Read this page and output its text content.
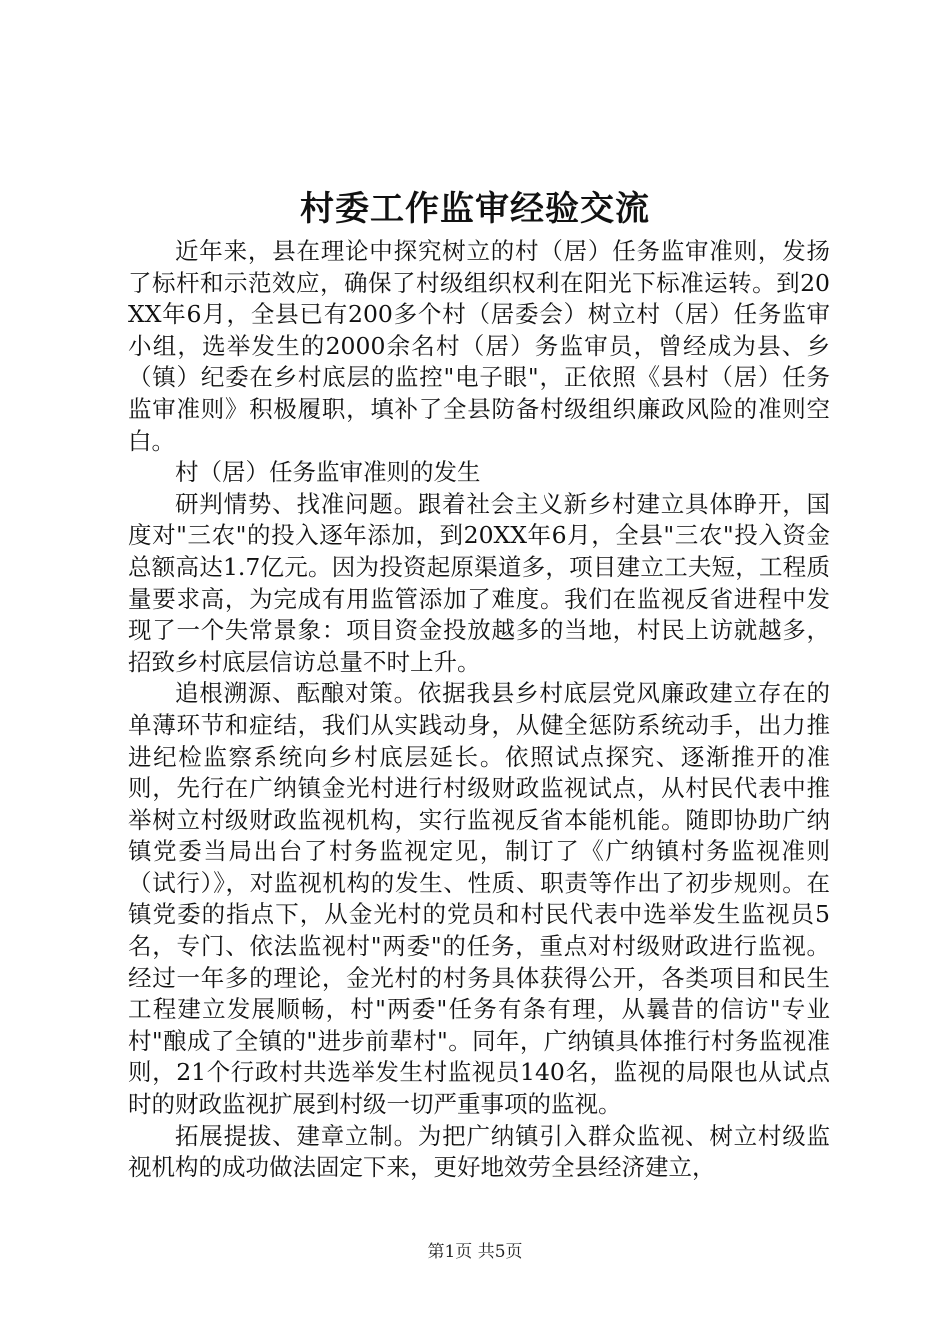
村委工作监审经验交流

近年来，县在理论中探究树立的村（居）任务监审准则，发扬了标杆和示范效应，确保了村级组织权利在阳光下标准运转。到20XX年6月，全县已有200多个村（居委会）树立村（居）任务监审小组，选举发生的2000余名村（居）务监审员，曾经成为县、乡（镇）纪委在乡村底层的监控"电子眼"，正依照《县村（居）任务监审准则》积极履职，填补了全县防备村级组织廉政风险的准则空白。

村（居）任务监审准则的发生

研判情势、找准问题。跟着社会主义新乡村建立具体睁开，国度对"三农"的投入逐年添加，到20XX年6月，全县"三农"投入资金总额高达1.7亿元。因为投资起原渠道多，项目建立工夫短，工程质量要求高，为完成有用监管添加了难度。我们在监视反省进程中发现了一个失常景象：项目资金投放越多的当地，村民上访就越多，招致乡村底层信访总量不时上升。

追根溯源、酝酿对策。依据我县乡村底层党风廉政建立存在的单薄环节和症结，我们从实践动身，从健全惩防系统动手，出力推进纪检监察系统向乡村底层延长。依照试点探究、逐渐推开的准则，先行在广纳镇金光村进行村级财政监视试点，从村民代表中推举树立村级财政监视机构，实行监视反省本能机能。随即协助广纳镇党委当局出台了村务监视定见，制订了《广纳镇村务监视准则（试行）》，对监视机构的发生、性质、职责等作出了初步规则。在镇党委的指点下，从金光村的党员和村民代表中选举发生监视员5名，专门、依法监视村"两委"的任务，重点对村级财政进行监视。经过一年多的理论，金光村的村务具体获得公开，各类项目和民生工程建立发展顺畅，村"两委"任务有条有理，从曩昔的信访"专业村"酿成了全镇的"进步前辈村"。同年，广纳镇具体推行村务监视准则，21个行政村共选举发生村监视员140名，监视的局限也从试点时的财政监视扩展到村级一切严重事项的监视。

拓展提拔、建章立制。为把广纳镇引入群众监视、树立村级监视机构的成功做法固定下来，更好地效劳全县经济建立，

第1页 共5页
